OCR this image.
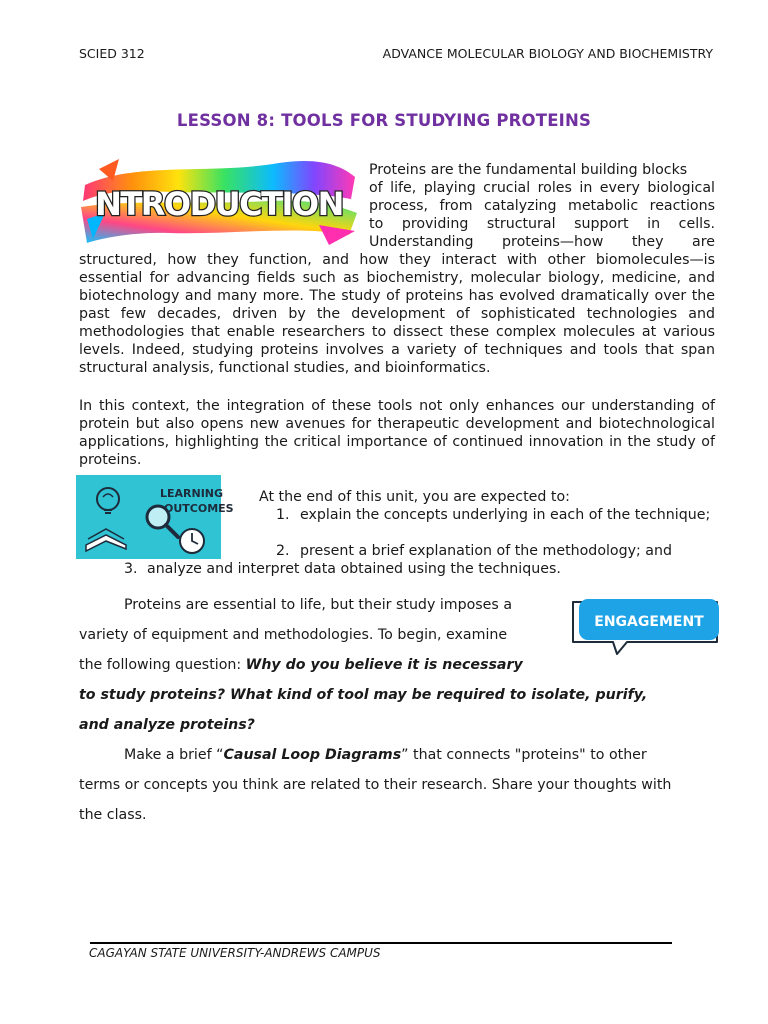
SCIED 312	ADVANCE MOLECULAR BIOLOGY AND BIOCHEMISTRY
LESSON 8: TOOLS FOR STUDYING PROTEINS
NTRODUCTION
Proteins are the fundamental building blocks
of life, playing crucial roles in every biological
process, from catalyzing metabolic reactions
to providing structural support in cells.
Understanding proteins—how they are
structured, how they function, and how they interact with other biomolecules—is essential for advancing fields such as biochemistry, molecular biology, medicine, and biotechnology and many more. The study of proteins has evolved dramatically over the past few decades, driven by the development of sophisticated technologies and methodologies that enable researchers to dissect these complex molecules at various levels. Indeed, studying proteins involves a variety of techniques and tools that span structural analysis, functional studies, and bioinformatics.
In this context, the integration of these tools not only enhances our understanding of protein but also opens new avenues for therapeutic development and biotechnological applications, highlighting the critical importance of continued innovation in the study of proteins.
LEARNING
OUTCOMES
At the end of this unit, you are expected to:
1. explain the concepts underlying in each of the technique;
2. present a brief explanation of the methodology; and
3. analyze and interpret data obtained using the techniques.
ENGAGEMENT
Proteins are essential to life, but their study imposes a
variety of equipment and methodologies. To begin, examine
the following question: Why do you believe it is necessary
to study proteins? What kind of tool may be required to isolate, purify,
and analyze proteins?
Make a brief “Causal Loop Diagrams” that connects "proteins" to other
terms or concepts you think are related to their research. Share your thoughts with
the class.
CAGAYAN STATE UNIVERSITY-ANDREWS CAMPUS
